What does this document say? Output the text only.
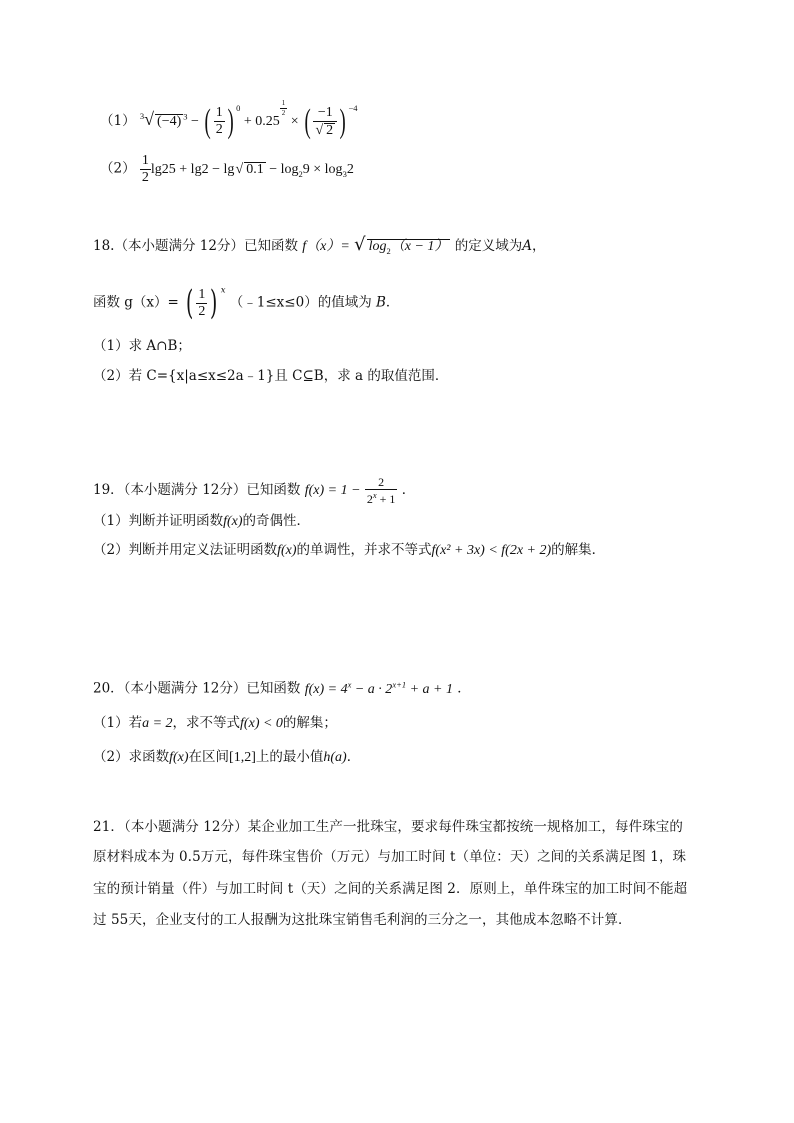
（1） $^3$√ (−4) $^3$ − ( $\frac{1}{2}$ ) $^0$ + 0.25
$\frac{1}{2}$
× ( $\frac{-1}{√ 2}$ ) $^{-4}$
$(2) \frac{1}{2} \lg 25 + \lg 2 - \lg$ √ $0.1 - \log_29 \times \log_32$
18.（本小题满分 12分）已知函数 f（x）= √ $\log_2(x - 1)$ 的定义域为A，
函数 g（x）= ( $\frac{1}{2}$ ) $^x$ （﹣1≤x≤0）的值域为 B．
（1）求 A∩B；
（2）若 C={x|a≤x≤2a﹣1}且 C⊆B，求 a 的取值范围．
19．（本小题满分 12分）已知函数 $f(x) = 1 - \frac{2}{2^x + 1}$ ．
（1）判断并证明函数f(x)的奇偶性．
（2）判断并用定义法证明函数f(x)的单调性，并求不等式f(x² + 3x) < f(2x + 2)的解集．
20．（本小题满分 12分）已知函数 $f(x) = 4^x - a \cdot 2^{x+1} + a + 1$ ．
（1）若a = 2，求不等式f(x) < 0的解集；
（2）求函数f(x)在区间[1,2]上的最小值h(a)．
21．（本小题满分 12分）某企业加工生产一批珠宝，要求每件珠宝都按统一规格加工，每件珠宝的
原材料成本为 0.5万元，每件珠宝售价（万元）与加工时间 t（单位：天）之间的关系满足图 1，珠
宝的预计销量（件）与加工时间 t（天）之间的关系满足图 2．原则上，单件珠宝的加工时间不能超
过 55天，企业支付的工人报酬为这批珠宝销售毛利润的三分之一，其他成本忽略不计算．
